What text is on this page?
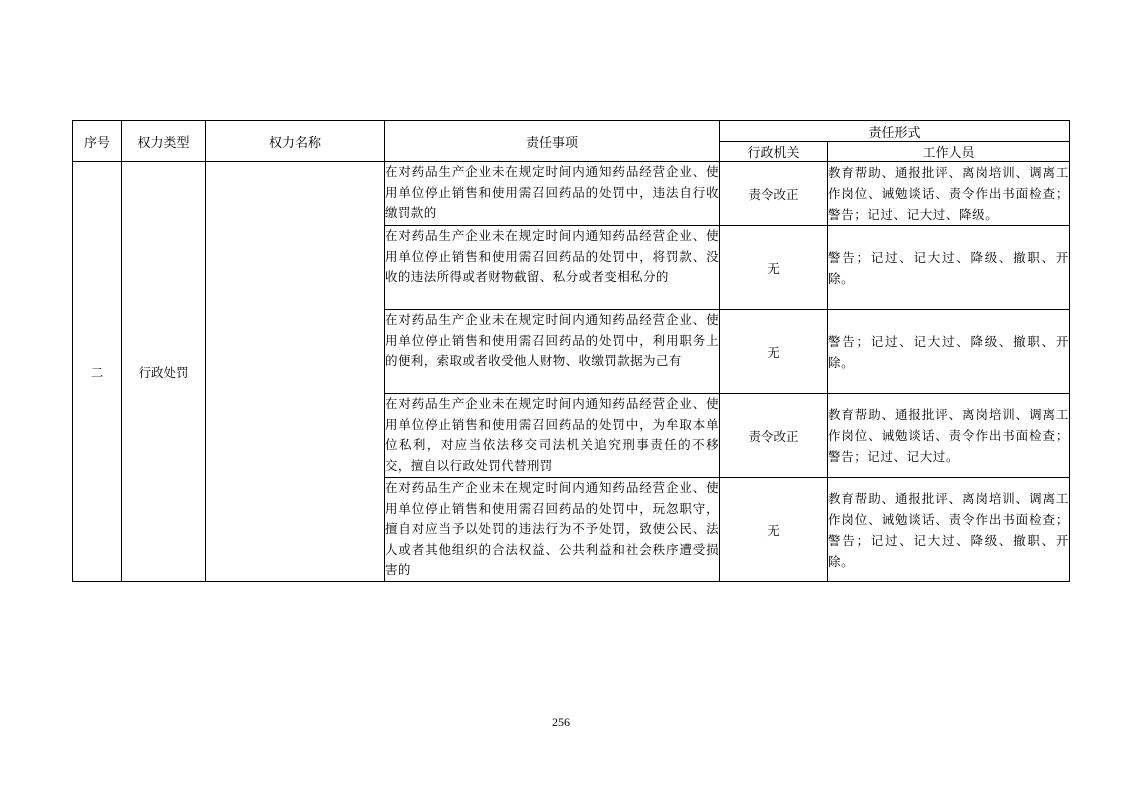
序号	权力类型	权力名称	责任事项	责任形式	
				行政机关	工作人员
二	行政处罚		在对药品生产企业未在规定时间内通知药品经营企业、使用单位停止销售和使用需召回药品的处罚中，违法自行收缴罚款的	责令改正	教育帮助、通报批评、离岗培训、调离工作岗位、诫勉谈话、责令作出书面检查；警告；记过、记大过、降级。
			在对药品生产企业未在规定时间内通知药品经营企业、使用单位停止销售和使用需召回药品的处罚中，将罚款、没收的违法所得或者财物截留、私分或者变相私分的	无	警告；记过、记大过、降级、撤职、开除。
			在对药品生产企业未在规定时间内通知药品经营企业、使用单位停止销售和使用需召回药品的处罚中，利用职务上的便利，索取或者收受他人财物、收缴罚款据为己有	无	警告；记过、记大过、降级、撤职、开除。
			在对药品生产企业未在规定时间内通知药品经营企业、使用单位停止销售和使用需召回药品的处罚中，为牟取本单位私利，对应当依法移交司法机关追究刑事责任的不移交，擅自以行政处罚代替刑罚	责令改正	教育帮助、通报批评、离岗培训、调离工作岗位、诫勉谈话、责令作出书面检查；警告；记过、记大过。
			在对药品生产企业未在规定时间内通知药品经营企业、使用单位停止销售和使用需召回药品的处罚中，玩忽职守，擅自对应当予以处罚的违法行为不予处罚，致使公民、法人或者其他组织的合法权益、公共利益和社会秩序遭受损害的	无	教育帮助、通报批评、离岗培训、调离工作岗位、诫勉谈话、责令作出书面检查；警告；记过、记大过、降级、撤职、开除。
256
